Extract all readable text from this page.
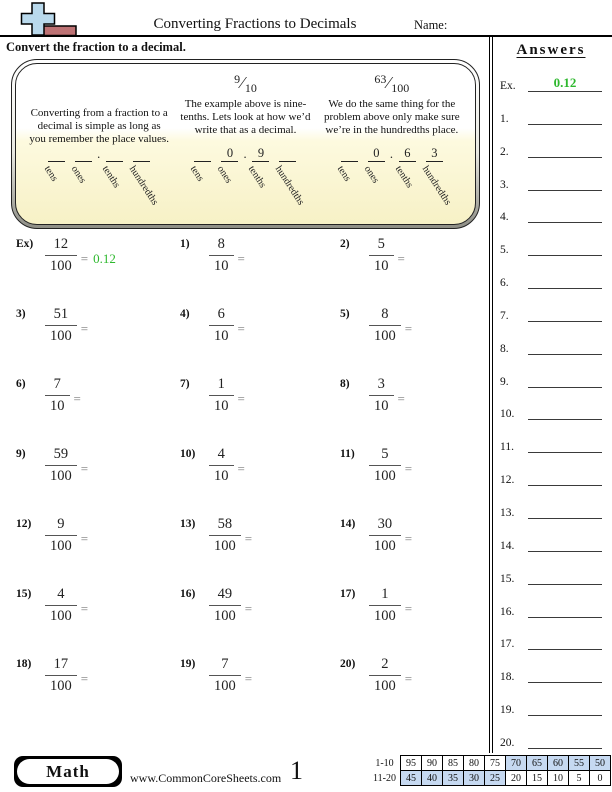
Converting Fractions to Decimals	Name:
Convert the fraction to a decimal.
Converting from a fraction to a decimal is simple as long as you remember the place values.
tens ones
.
tenths hundredths
$^9⁄_{10}$
The example above is nine-tenths. Lets look at how we’d write that as a decimal.
tens
0
ones
. 9
tenths hundredths
$^{63}⁄_{100}$
We do the same thing for the problem above only make sure we’re in the hundredths place.
tens
0
ones
. 6
tenths
3
hundredths
$Ex) \frac{12}{100} = 0.12$
1)	$\frac{8}{10}$ =
2)	$\frac{5}{10}$ =
3)	$\frac{51}{100}$ =
4)	$\frac{6}{10}$ =
5)	$\frac{8}{100}$ =
6)	$\frac{7}{10}$ =
7)	$\frac{1}{10}$ =
8)	$\frac{3}{10}$ =
9)	$\frac{59}{100}$ =
$10) \frac{4}{10}$ =
$11) \frac{5}{100}$ =
$12) \frac{9}{100}$ =
$13) \frac{58}{100}$ =
$14) \frac{30}{100}$ =
$15) \frac{4}{100}$ =
$16) \frac{49}{100}$ =
$17) \frac{1}{100}$ =
$18) \frac{17}{100}$ =
$19) \frac{7}{100}$ =
$20) \frac{2}{100}$ =
Answers
Ex.	0.12
1.
2.
3.
4.
5.
6.
7.
8.
9.
10.
11.
12.
13.
14.
15.
16.
17.
18.
19.
20.
Math	www.CommonCoreSheets.com 1	1-10	95	90	85	80	75	70	65	60	55	50
11-20	45	40	35	30	25	20	15	10	5	0
